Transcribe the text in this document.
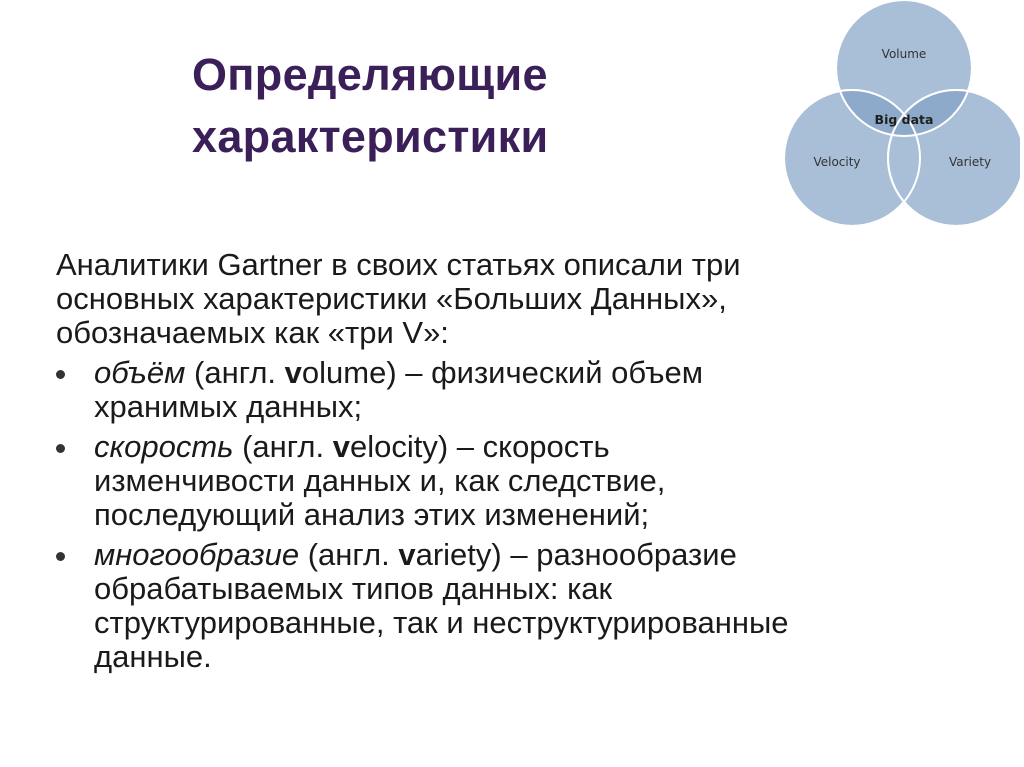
Определяющие
характеристики
Volume
Velocity	Variety
Big data

Аналитики Gartner в своих статьях описали три
основных характеристики «Больших Данных»,
обозначаемых как «три V»:

объём (англ. volume) – физический объем
хранимых данных;
скорость (англ. velocity) – скорость
изменчивости данных и, как следствие,
последующий анализ этих изменений;
многообразие (англ. variety) – разнообразие
обрабатываемых типов данных: как
структурированные, так и неструктурированные
данные.
